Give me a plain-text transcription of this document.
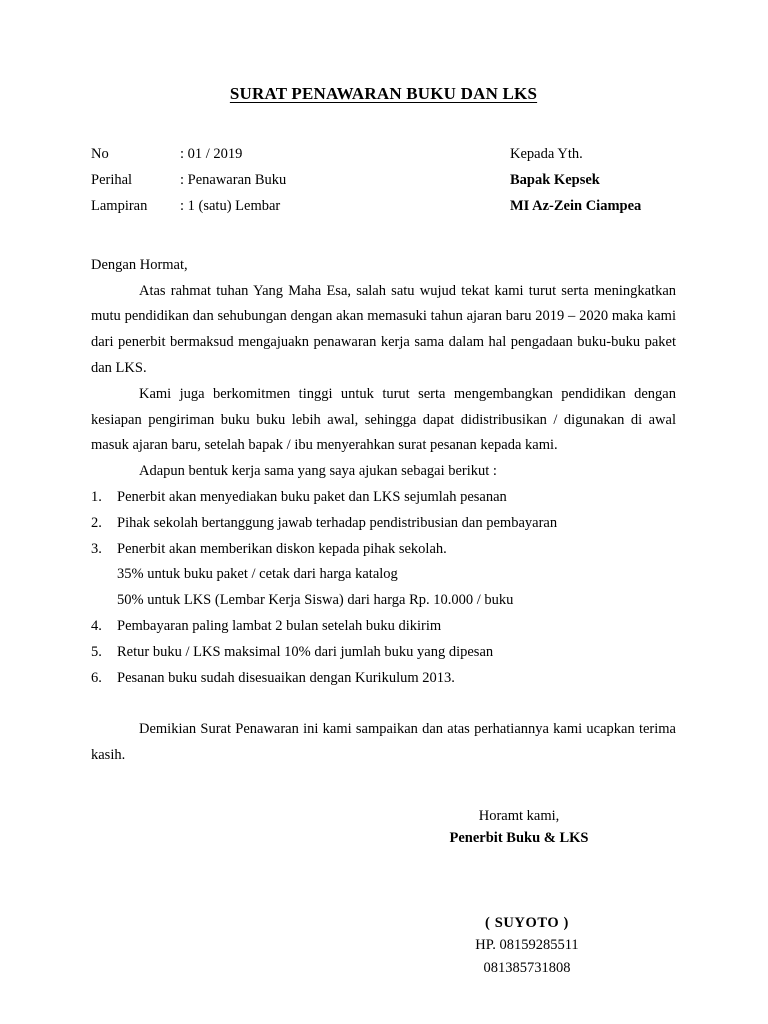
SURAT PENAWARAN BUKU DAN LKS
No	: 01 / 2019
Perihal	: Penawaran Buku
Lampiran	: 1 (satu) Lembar
Kepada Yth.
Bapak Kepsek
MI Az-Zein Ciampea

Dengan Hormat,

Atas rahmat tuhan Yang Maha Esa, salah satu wujud tekat kami turut serta meningkatkan mutu pendidikan dan sehubungan dengan akan memasuki tahun ajaran baru 2019 – 2020 maka kami dari penerbit bermaksud mengajuakn penawaran kerja sama dalam hal pengadaan buku-buku paket dan LKS.

Kami juga berkomitmen tinggi untuk turut serta mengembangkan pendidikan dengan kesiapan pengiriman buku buku lebih awal, sehingga dapat didistribusikan / digunakan di awal masuk ajaran baru, setelah bapak / ibu menyerahkan surat pesanan kepada kami.

Adapun bentuk kerja sama yang saya ajukan sebagai berikut :

1.	Penerbit akan menyediakan buku paket dan LKS sejumlah pesanan
2.	Pihak sekolah bertanggung jawab terhadap pendistribusian dan pembayaran
3.	Penerbit akan memberikan diskon kepada pihak sekolah.
35% untuk buku paket / cetak dari harga katalog
50% untuk LKS (Lembar Kerja Siswa) dari harga Rp. 10.000 / buku
4.	Pembayaran paling lambat 2 bulan setelah buku dikirim
5.	Retur buku / LKS maksimal 10% dari jumlah buku yang dipesan
6.	Pesanan buku sudah disesuaikan dengan Kurikulum 2013.

Demikian Surat Penawaran ini kami sampaikan dan atas perhatiannya kami ucapkan terima kasih.

Horamt kami,
Penerbit Buku & LKS
( SUYOTO )
HP. 08159285511
081385731808
